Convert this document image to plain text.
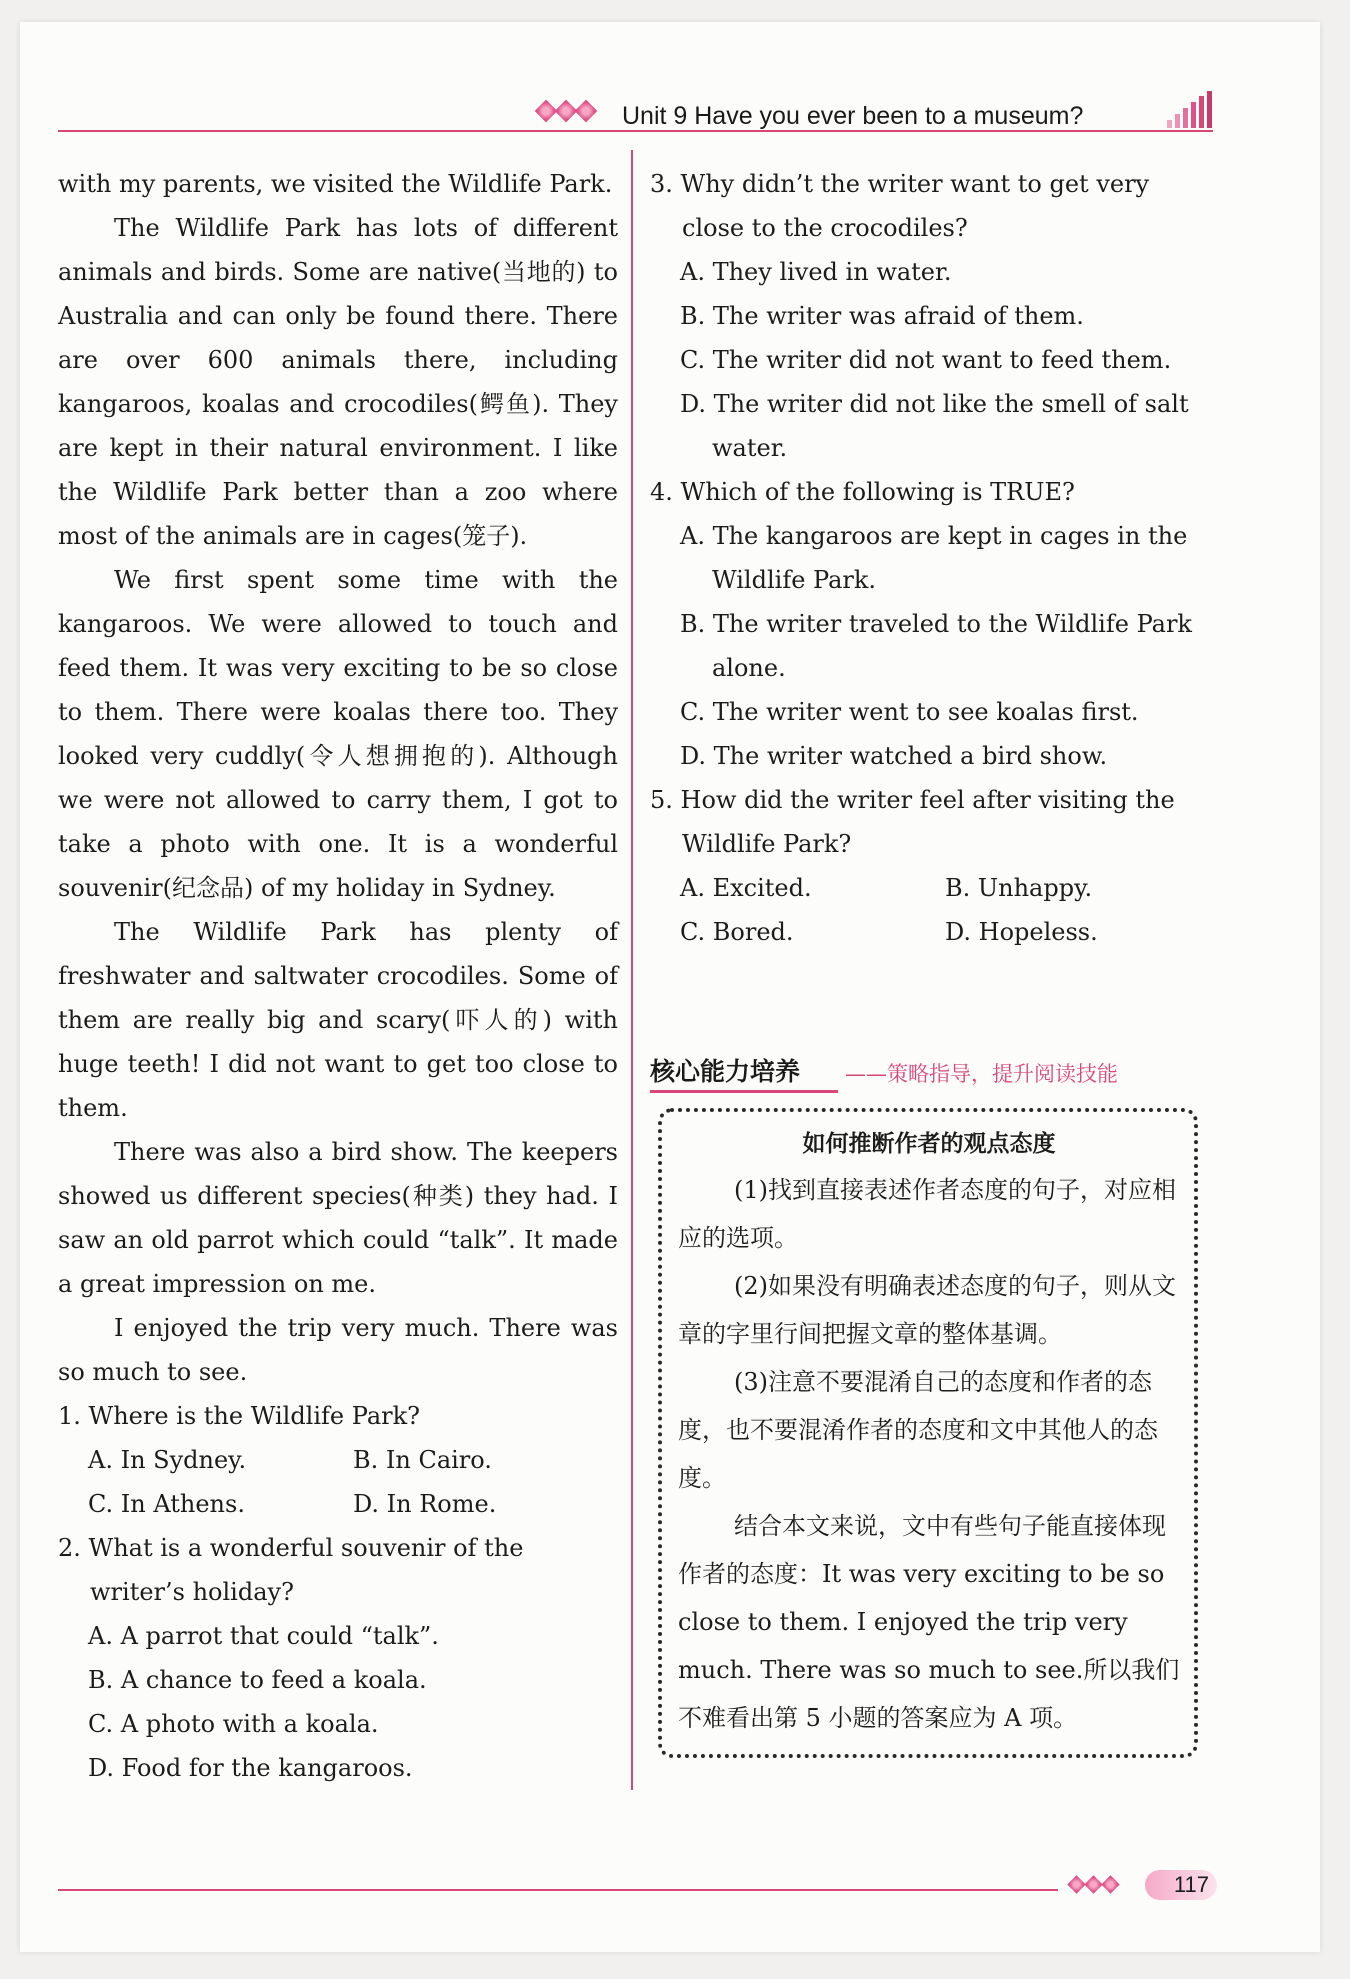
Unit 9 Have you ever been to a museum?

with my parents, we visited the Wildlife Park.

The Wildlife Park has lots of different animals and birds. Some are native(当地的) to Australia and can only be found there. There are over 600 animals there, including kangaroos, koalas and crocodiles(鳄鱼). They are kept in their natural environment. I like the Wildlife Park better than a zoo where most of the animals are in cages(笼子).

We first spent some time with the kangaroos. We were allowed to touch and feed them. It was very exciting to be so close to them. There were koalas there too. They looked very cuddly(令人想拥抱的). Although we were not allowed to carry them, I got to take a photo with one. It is a wonderful souvenir(纪念品) of my holiday in Sydney.

The Wildlife Park has plenty of freshwater and saltwater crocodiles. Some of them are really big and scary(吓人的) with huge teeth! I did not want to get too close to them.

There was also a bird show. The keepers showed us different species(种类) they had. I saw an old parrot which could “talk”. It made a great impression on me.

I enjoyed the trip very much. There was so much to see.

1. Where is the Wildlife Park?

A. In Sydney.	B. In Cairo.
C. In Athens.	D. In Rome.

2. What is a wonderful souvenir of the writer’s holiday?

A. A parrot that could “talk”.

B. A chance to feed a koala.

C. A photo with a koala.

D. Food for the kangaroos.

3. Why didn’t the writer want to get very close to the crocodiles?

A. They lived in water.

B. The writer was afraid of them.

C. The writer did not want to feed them.

D. The writer did not like the smell of salt water.

4. Which of the following is TRUE?

A. The kangaroos are kept in cages in the Wildlife Park.

B. The writer traveled to the Wildlife Park alone.

C. The writer went to see koalas first.

D. The writer watched a bird show.

5. How did the writer feel after visiting the Wildlife Park?

A. Excited.	B. Unhappy.
C. Bored.	D. Hopeless.
核心能力培养 ——策略指导，提升阅读技能

如何推断作者的观点态度

(1)找到直接表述作者态度的句子，对应相应的选项。

(2)如果没有明确表述态度的句子，则从文章的字里行间把握文章的整体基调。

(3)注意不要混淆自己的态度和作者的态度，也不要混淆作者的态度和文中其他人的态度。

结合本文来说，文中有些句子能直接体现作者的态度：It was very exciting to be so close to them. I enjoyed the trip very much. There was so much to see.所以我们不难看出第 5 小题的答案应为 A 项。

117
